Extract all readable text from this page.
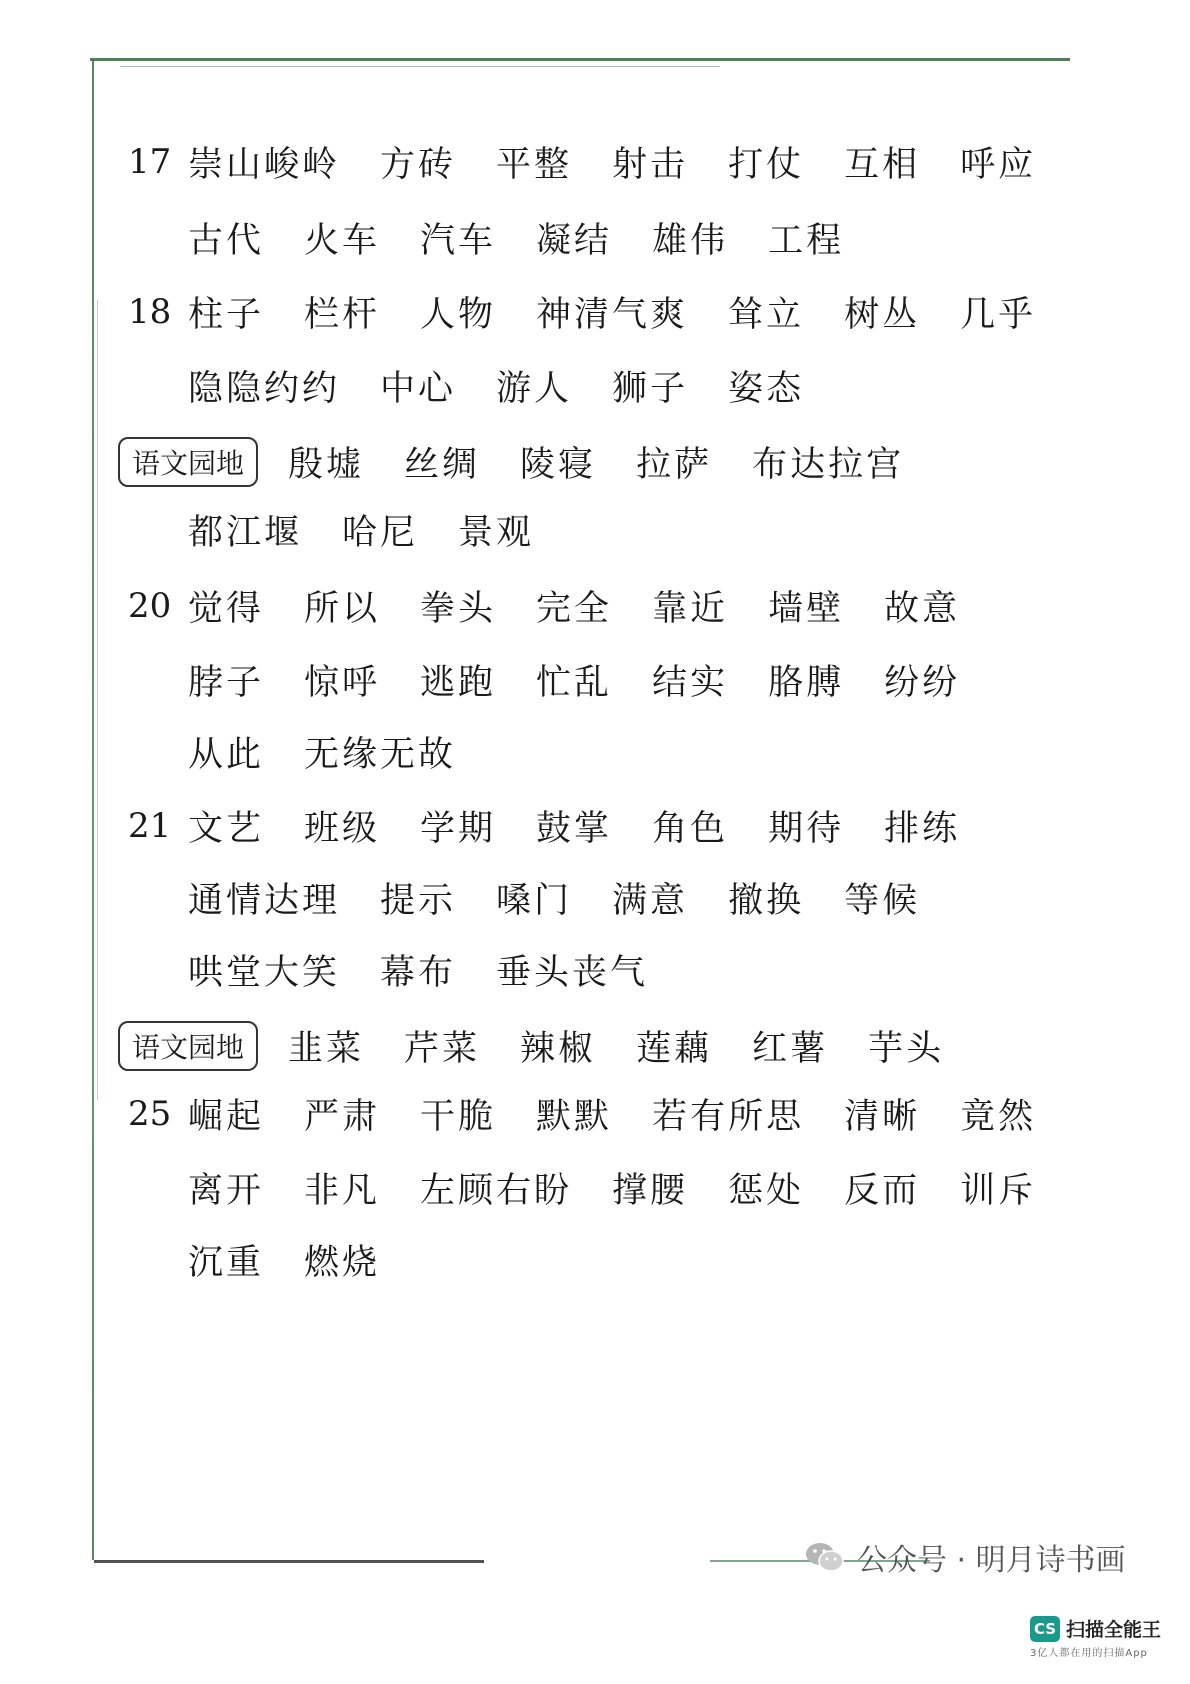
17 崇山峻岭 方砖 平整 射击 打仗 互相 呼应
古代 火车 汽车 凝结 雄伟 工程
18 柱子 栏杆 人物 神清气爽 耸立 树丛 几乎
隐隐约约 中心 游人 狮子 姿态
语文园地	殷墟 丝绸 陵寝 拉萨 布达拉宫
都江堰 哈尼 景观
20 觉得 所以 拳头 完全 靠近 墙壁 故意
脖子 惊呼 逃跑 忙乱 结实 胳膊 纷纷
从此 无缘无故
21 文艺 班级 学期 鼓掌 角色 期待 排练
通情达理 提示 嗓门 满意 撤换 等候
哄堂大笑 幕布 垂头丧气
语文园地	韭菜 芹菜 辣椒 莲藕 红薯 芋头
25 崛起 严肃 干脆 默默 若有所思 清晰 竟然
离开 非凡 左顾右盼 撑腰 惩处 反而 训斥
沉重 燃烧
公众号 · 明月诗书画
CS 扫描全能王
3亿人都在用的扫描App
